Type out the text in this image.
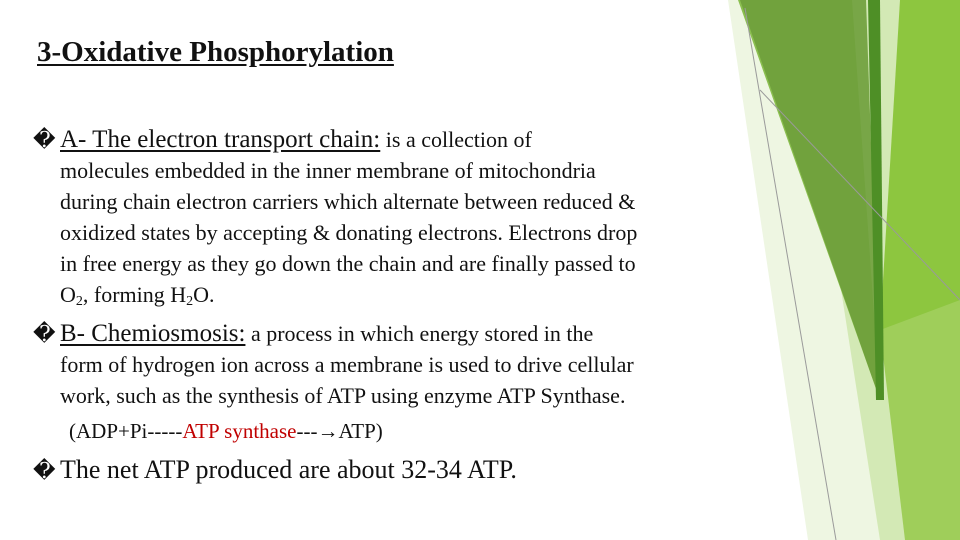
3-Oxidative Phosphorylation
� A- The electron transport chain: is a collection of
molecules embedded in the inner membrane of mitochondria
during chain electron carriers which alternate between reduced &
oxidized states by accepting & donating electrons. Electrons drop
in free energy as they go down the chain and are finally passed to
$O_2$, forming $H_2O$.
� B- Chemiosmosis: a process in which energy stored in the
form of hydrogen ion across a membrane is used to drive cellular
work, such as the synthesis of ATP using enzyme ATP Synthase.

(ADP+Pi-----ATP synthase---→ATP)

� The net ATP produced are about 32-34 ATP.
